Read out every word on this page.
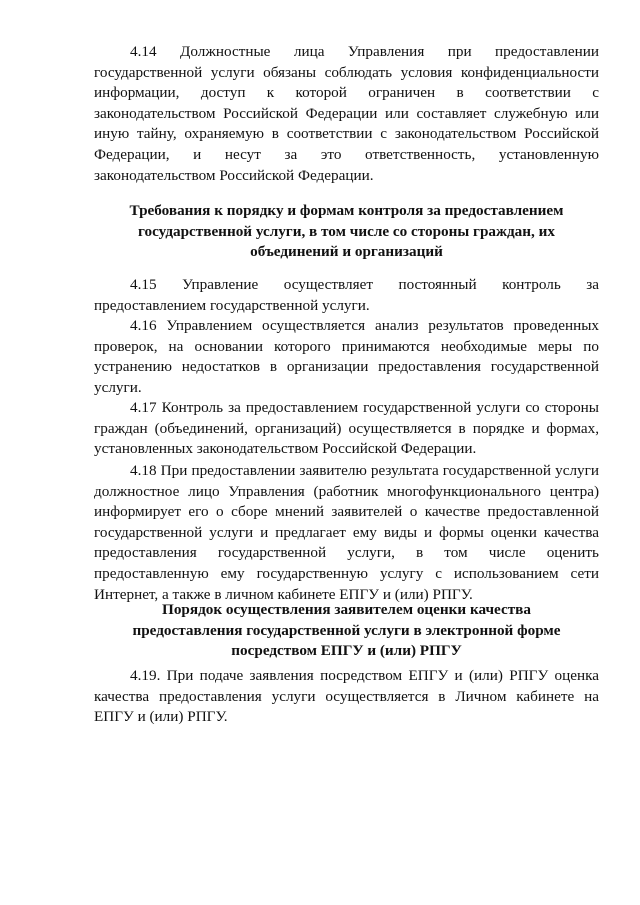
4.14 Должностные лица Управления при предоставлении государственной услуги обязаны соблюдать условия конфиденциальности информации, доступ к которой ограничен в соответствии с законодательством Российской Федерации или составляет служебную или иную тайну, охраняемую в соответствии с законодательством Российской Федерации, и несут за это ответственность, установленную законодательством Российской Федерации.

Требования к порядку и формам контроля за предоставлением государственной услуги, в том числе со стороны граждан, их объединений и организаций

4.15 Управление осуществляет постоянный контроль за предоставлением государственной услуги.

4.16 Управлением осуществляется анализ результатов проведенных проверок, на основании которого принимаются необходимые меры по устранению недостатков в организации предоставления государственной услуги.

4.17 Контроль за предоставлением государственной услуги со стороны граждан (объединений, организаций) осуществляется в порядке и формах, установленных законодательством Российской Федерации.

4.18 При предоставлении заявителю результата государственной услуги должностное лицо Управления (работник многофункционального центра) информирует его о сборе мнений заявителей о качестве предоставленной государственной услуги и предлагает ему виды и формы оценки качества предоставления государственной услуги, в том числе оценить предоставленную ему государственную услугу с использованием сети Интернет, а также в личном кабинете ЕПГУ и (или) РПГУ.

Порядок осуществления заявителем оценки качества предоставления государственной услуги в электронной форме посредством ЕПГУ и (или) РПГУ

4.19. При подаче заявления посредством ЕПГУ и (или) РПГУ оценка качества предоставления услуги осуществляется в Личном кабинете на ЕПГУ и (или) РПГУ.
